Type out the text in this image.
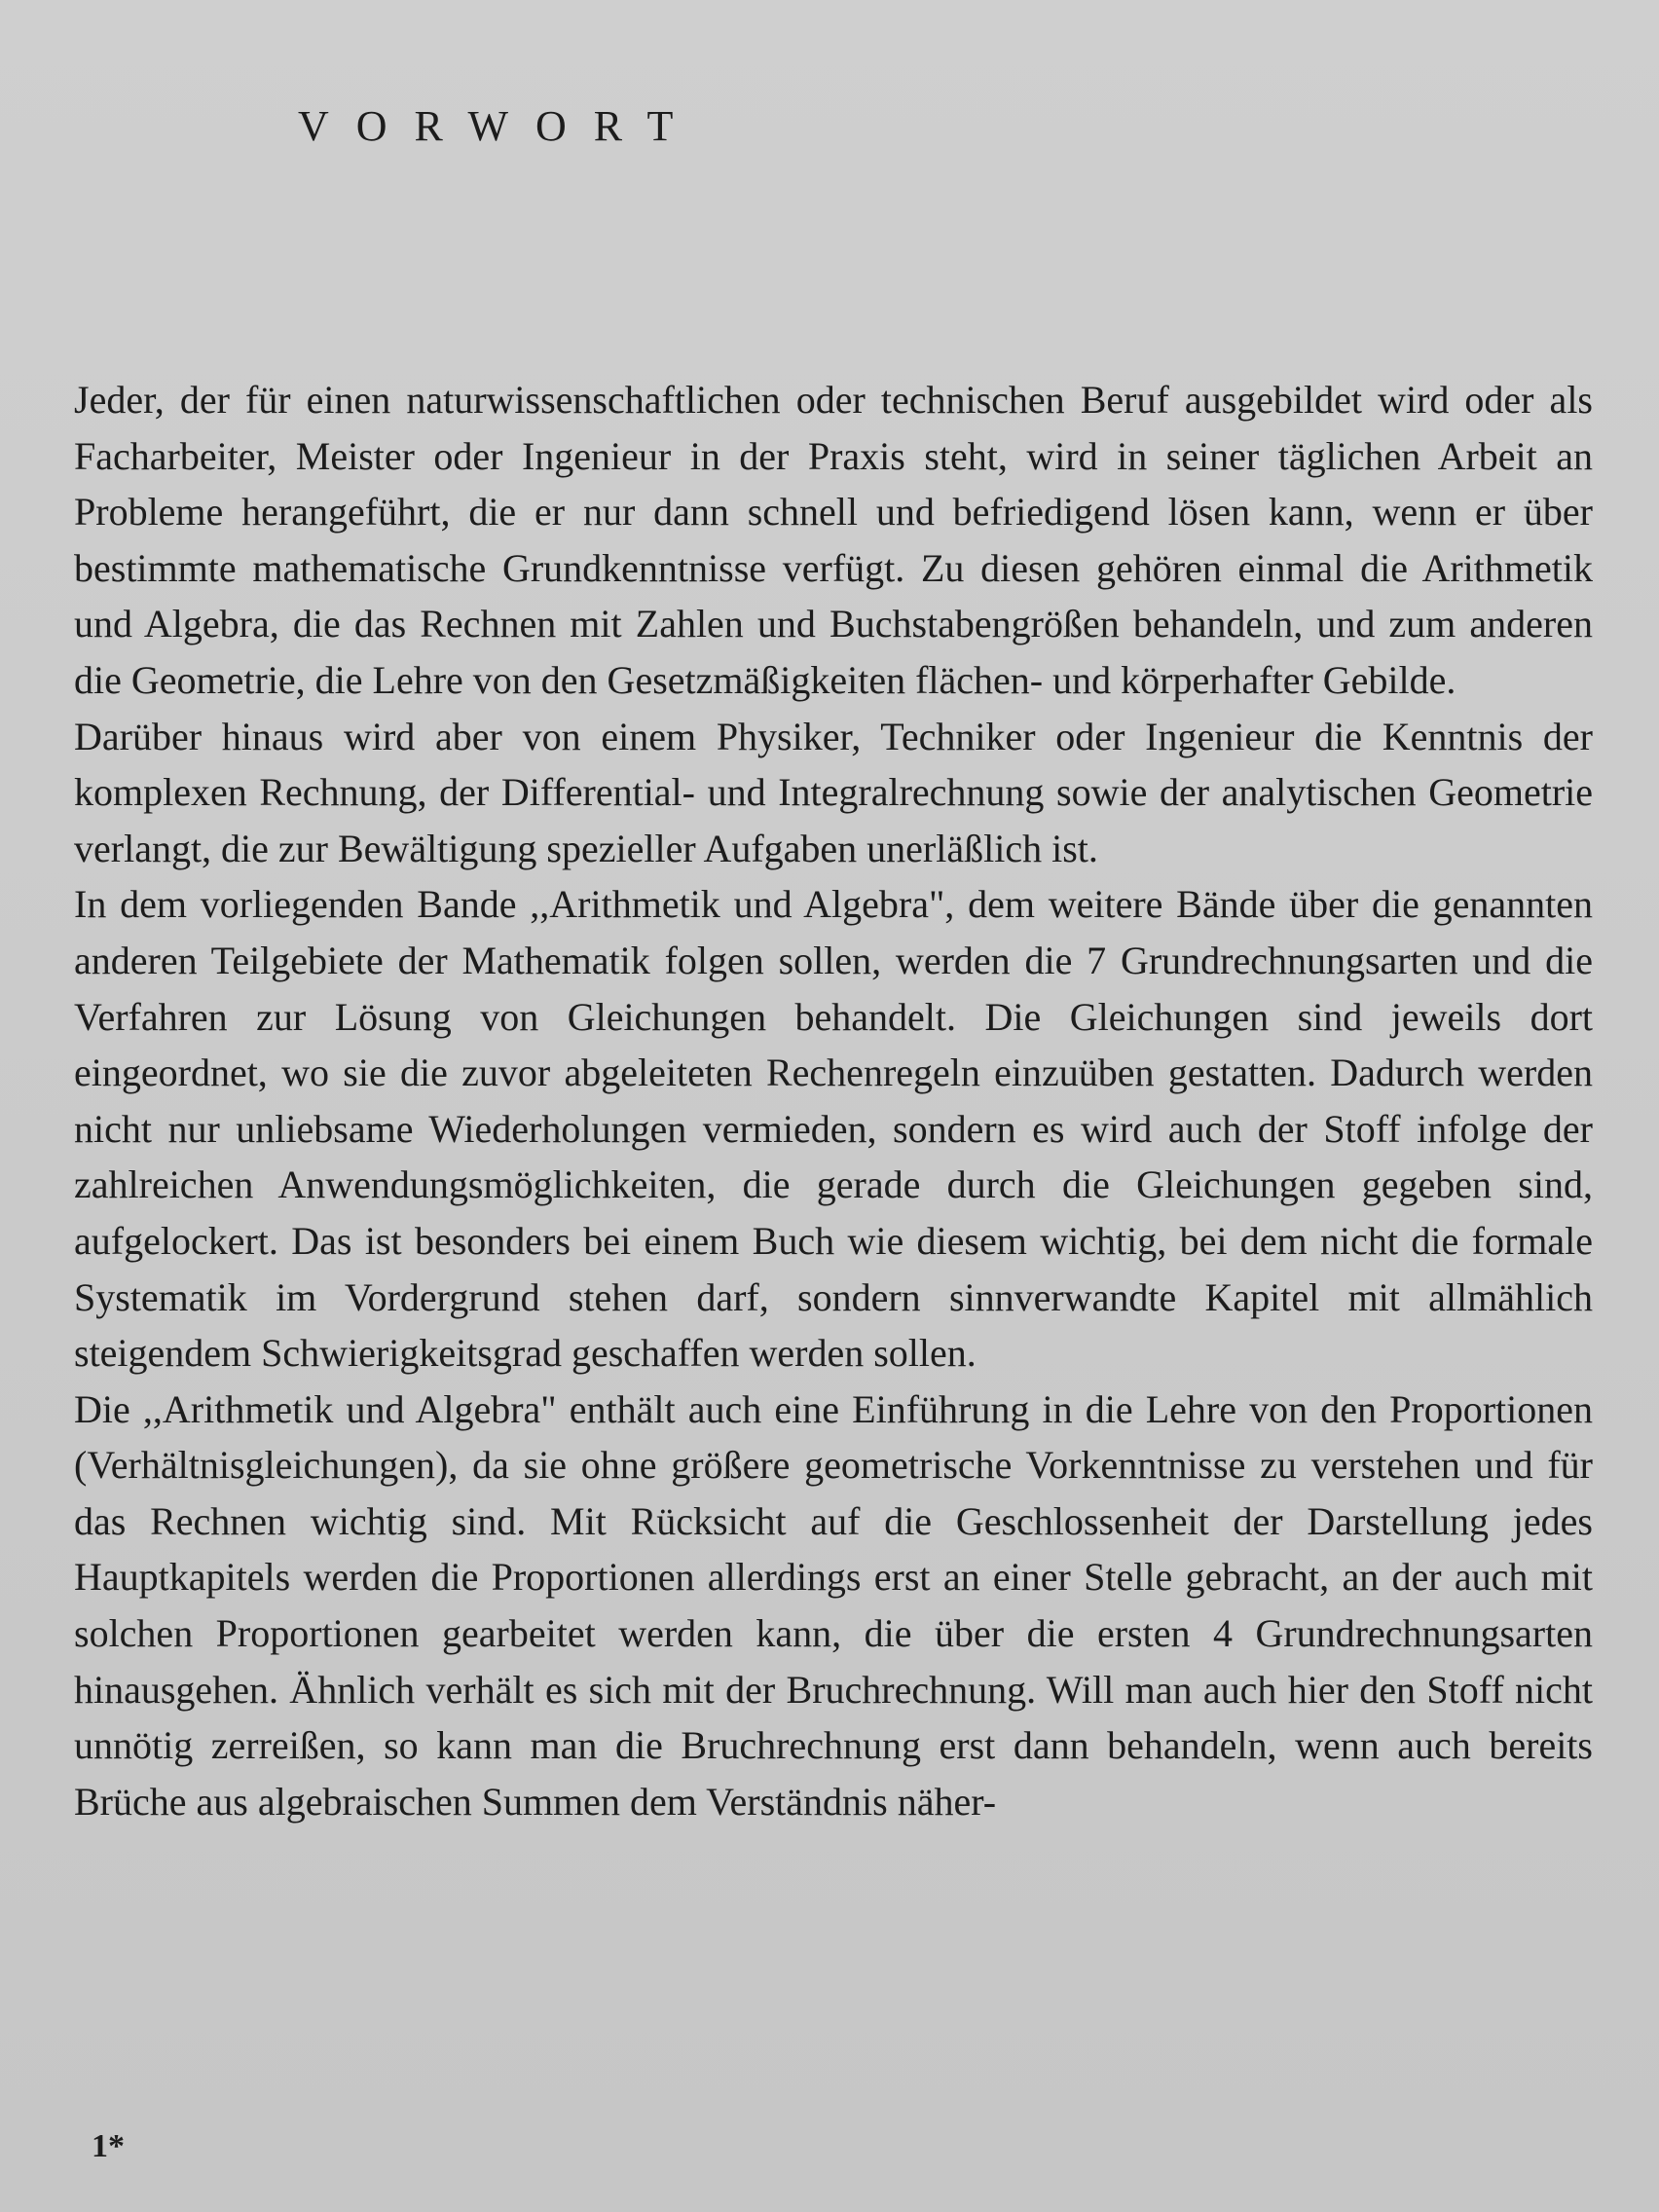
VORWORT

Jeder, der für einen naturwissenschaftlichen oder technischen Beruf ausgebildet wird oder als Facharbeiter, Meister oder Ingenieur in der Praxis steht, wird in seiner täglichen Arbeit an Probleme herangeführt, die er nur dann schnell und befriedigend lösen kann, wenn er über bestimmte mathematische Grundkenntnisse verfügt. Zu diesen gehören einmal die Arithmetik und Algebra, die das Rechnen mit Zahlen und Buchstabengrößen behandeln, und zum anderen die Geometrie, die Lehre von den Gesetzmäßigkeiten flächen- und körperhafter Gebilde.

Darüber hinaus wird aber von einem Physiker, Techniker oder Ingenieur die Kenntnis der komplexen Rechnung, der Differential- und Integralrechnung sowie der analytischen Geometrie verlangt, die zur Bewältigung spezieller Aufgaben unerläßlich ist.

In dem vorliegenden Bande ,,Arithmetik und Algebra", dem weitere Bände über die genannten anderen Teilgebiete der Mathematik folgen sollen, werden die 7 Grundrechnungsarten und die Verfahren zur Lösung von Gleichungen behandelt. Die Gleichungen sind jeweils dort eingeordnet, wo sie die zuvor abgeleiteten Rechenregeln einzuüben gestatten. Dadurch werden nicht nur unliebsame Wiederholungen vermieden, sondern es wird auch der Stoff infolge der zahlreichen Anwendungsmöglichkeiten, die gerade durch die Gleichungen gegeben sind, aufgelockert. Das ist besonders bei einem Buch wie diesem wichtig, bei dem nicht die formale Systematik im Vordergrund stehen darf, sondern sinnverwandte Kapitel mit allmählich steigendem Schwierigkeitsgrad geschaffen werden sollen.

Die ,,Arithmetik und Algebra" enthält auch eine Einführung in die Lehre von den Proportionen (Verhältnisgleichungen), da sie ohne größere geometrische Vorkenntnisse zu verstehen und für das Rechnen wichtig sind. Mit Rücksicht auf die Geschlossenheit der Darstellung jedes Hauptkapitels werden die Proportionen allerdings erst an einer Stelle gebracht, an der auch mit solchen Proportionen gearbeitet werden kann, die über die ersten 4 Grundrechnungsarten hinausgehen. Ähnlich verhält es sich mit der Bruchrechnung. Will man auch hier den Stoff nicht unnötig zerreißen, so kann man die Bruchrechnung erst dann behandeln, wenn auch bereits Brüche aus algebraischen Summen dem Verständnis näher-

1*
